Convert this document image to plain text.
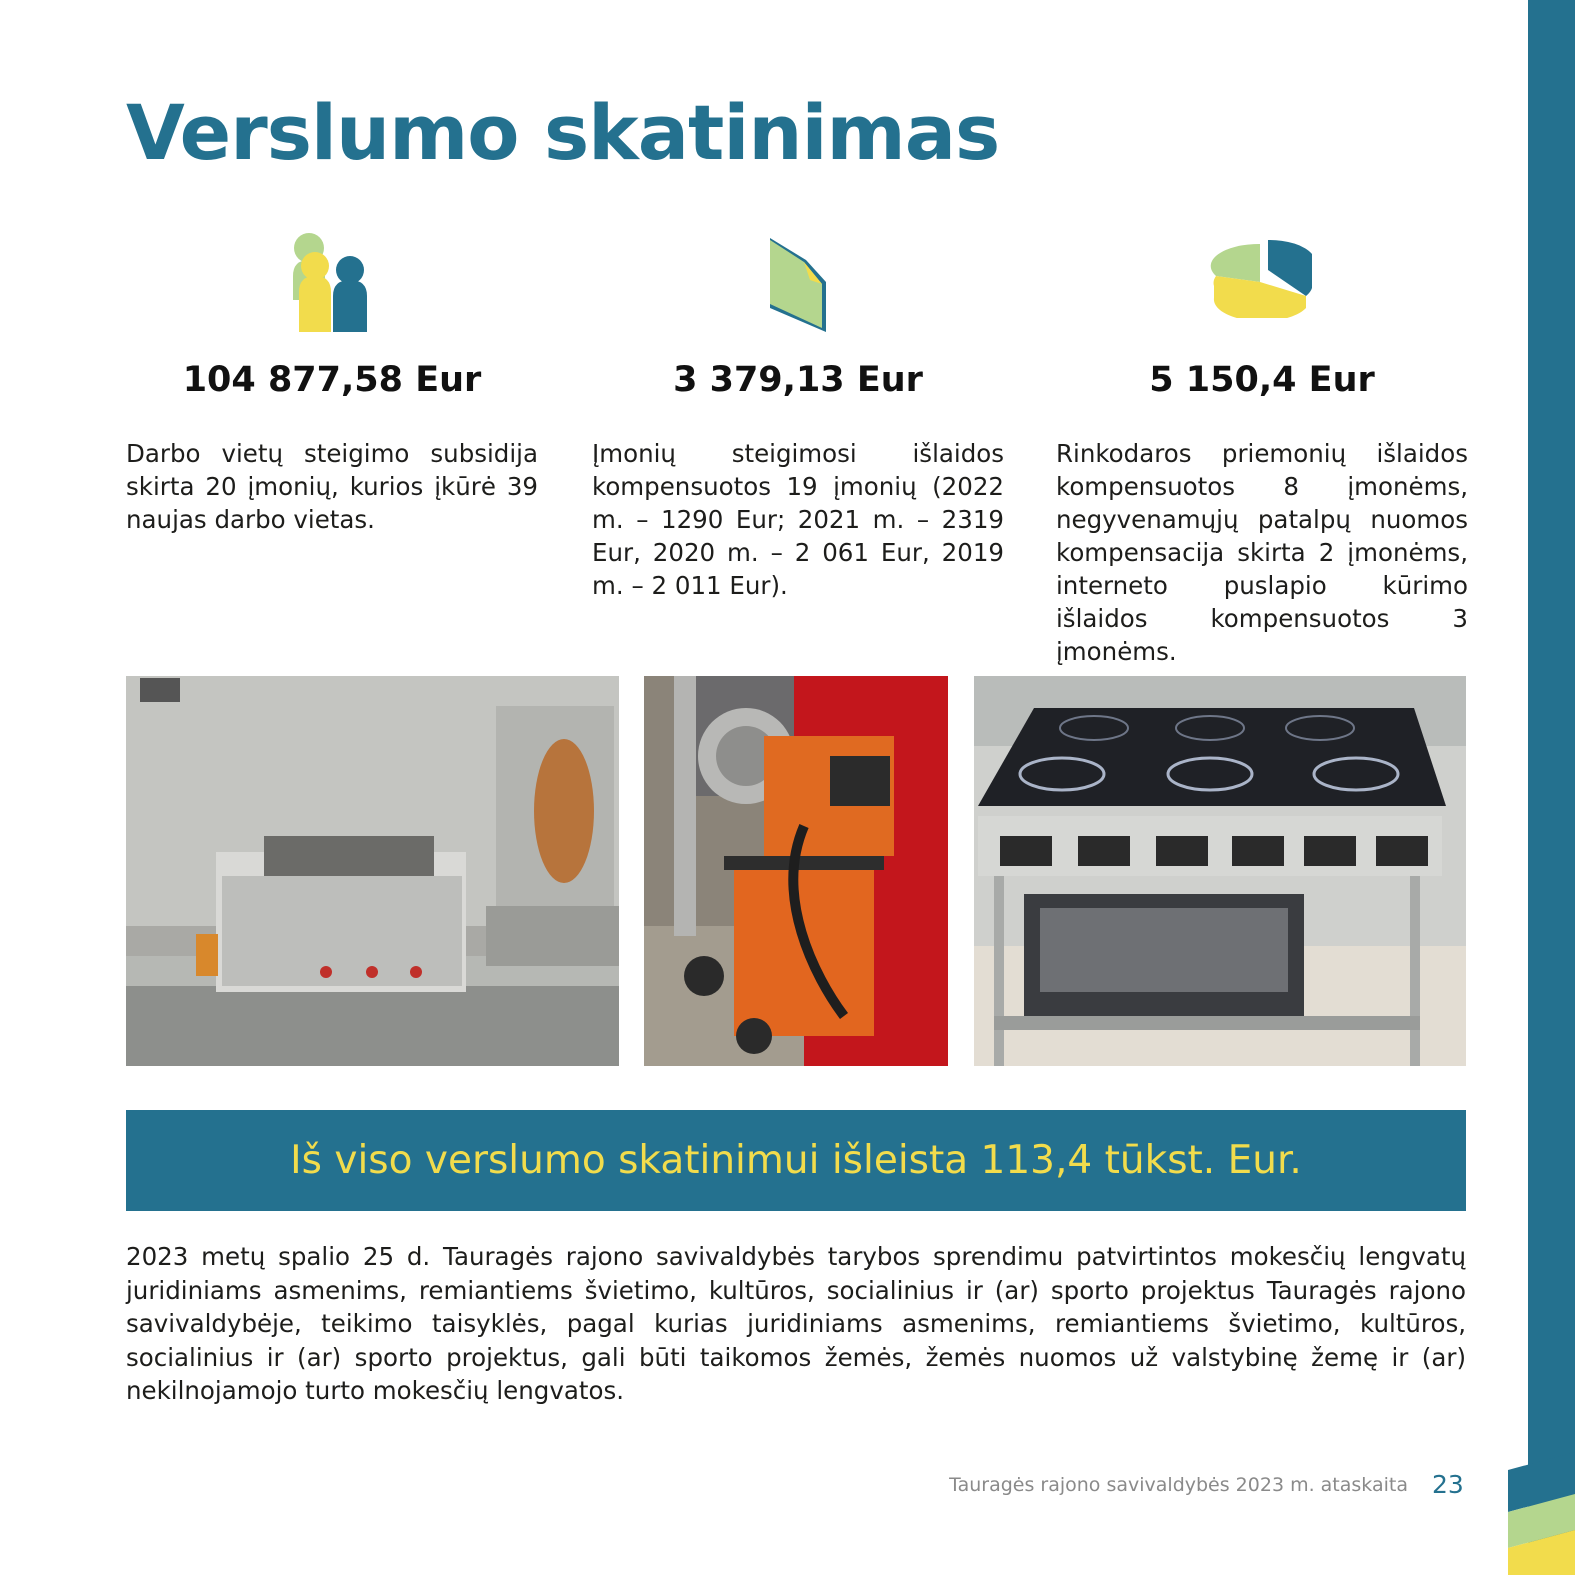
Verslumo skatinimas
104 877,58 Eur

Darbo vietų steigimo subsidija skirta 20 įmonių, kurios įkūrė 39 naujas darbo vietas.

3 379,13 Eur

Įmonių steigimosi išlaidos kompensuotos 19 įmonių (2022 m. – 1290 Eur; 2021 m. – 2319 Eur, 2020 m. – 2 061 Eur, 2019 m. – 2 011 Eur).

5 150,4 Eur

Rinkodaros priemonių išlaidos kompensuotos 8 įmonėms, negyvenamųjų patalpų nuomos kompensacija skirta 2 įmonėms, interneto puslapio kūrimo išlaidos kompensuotos 3 įmonėms.

Iš viso verslumo skatinimui išleista 113,4 tūkst. Eur.

2023 metų spalio 25 d. Tauragės rajono savivaldybės tarybos sprendimu patvirtintos mokesčių lengvatų juridiniams asmenims, remiantiems švietimo, kultūros, socialinius ir (ar) sporto projektus Tauragės rajono savivaldybėje, teikimo taisyklės, pagal kurias juridiniams asmenims, remiantiems švietimo, kultūros, socialinius ir (ar) sporto projektus, gali būti taikomos žemės, žemės nuomos už valstybinę žemę ir (ar) nekilnojamojo turto mokesčių lengvatos.

Tauragės rajono savivaldybės 2023 m. ataskaita 23
